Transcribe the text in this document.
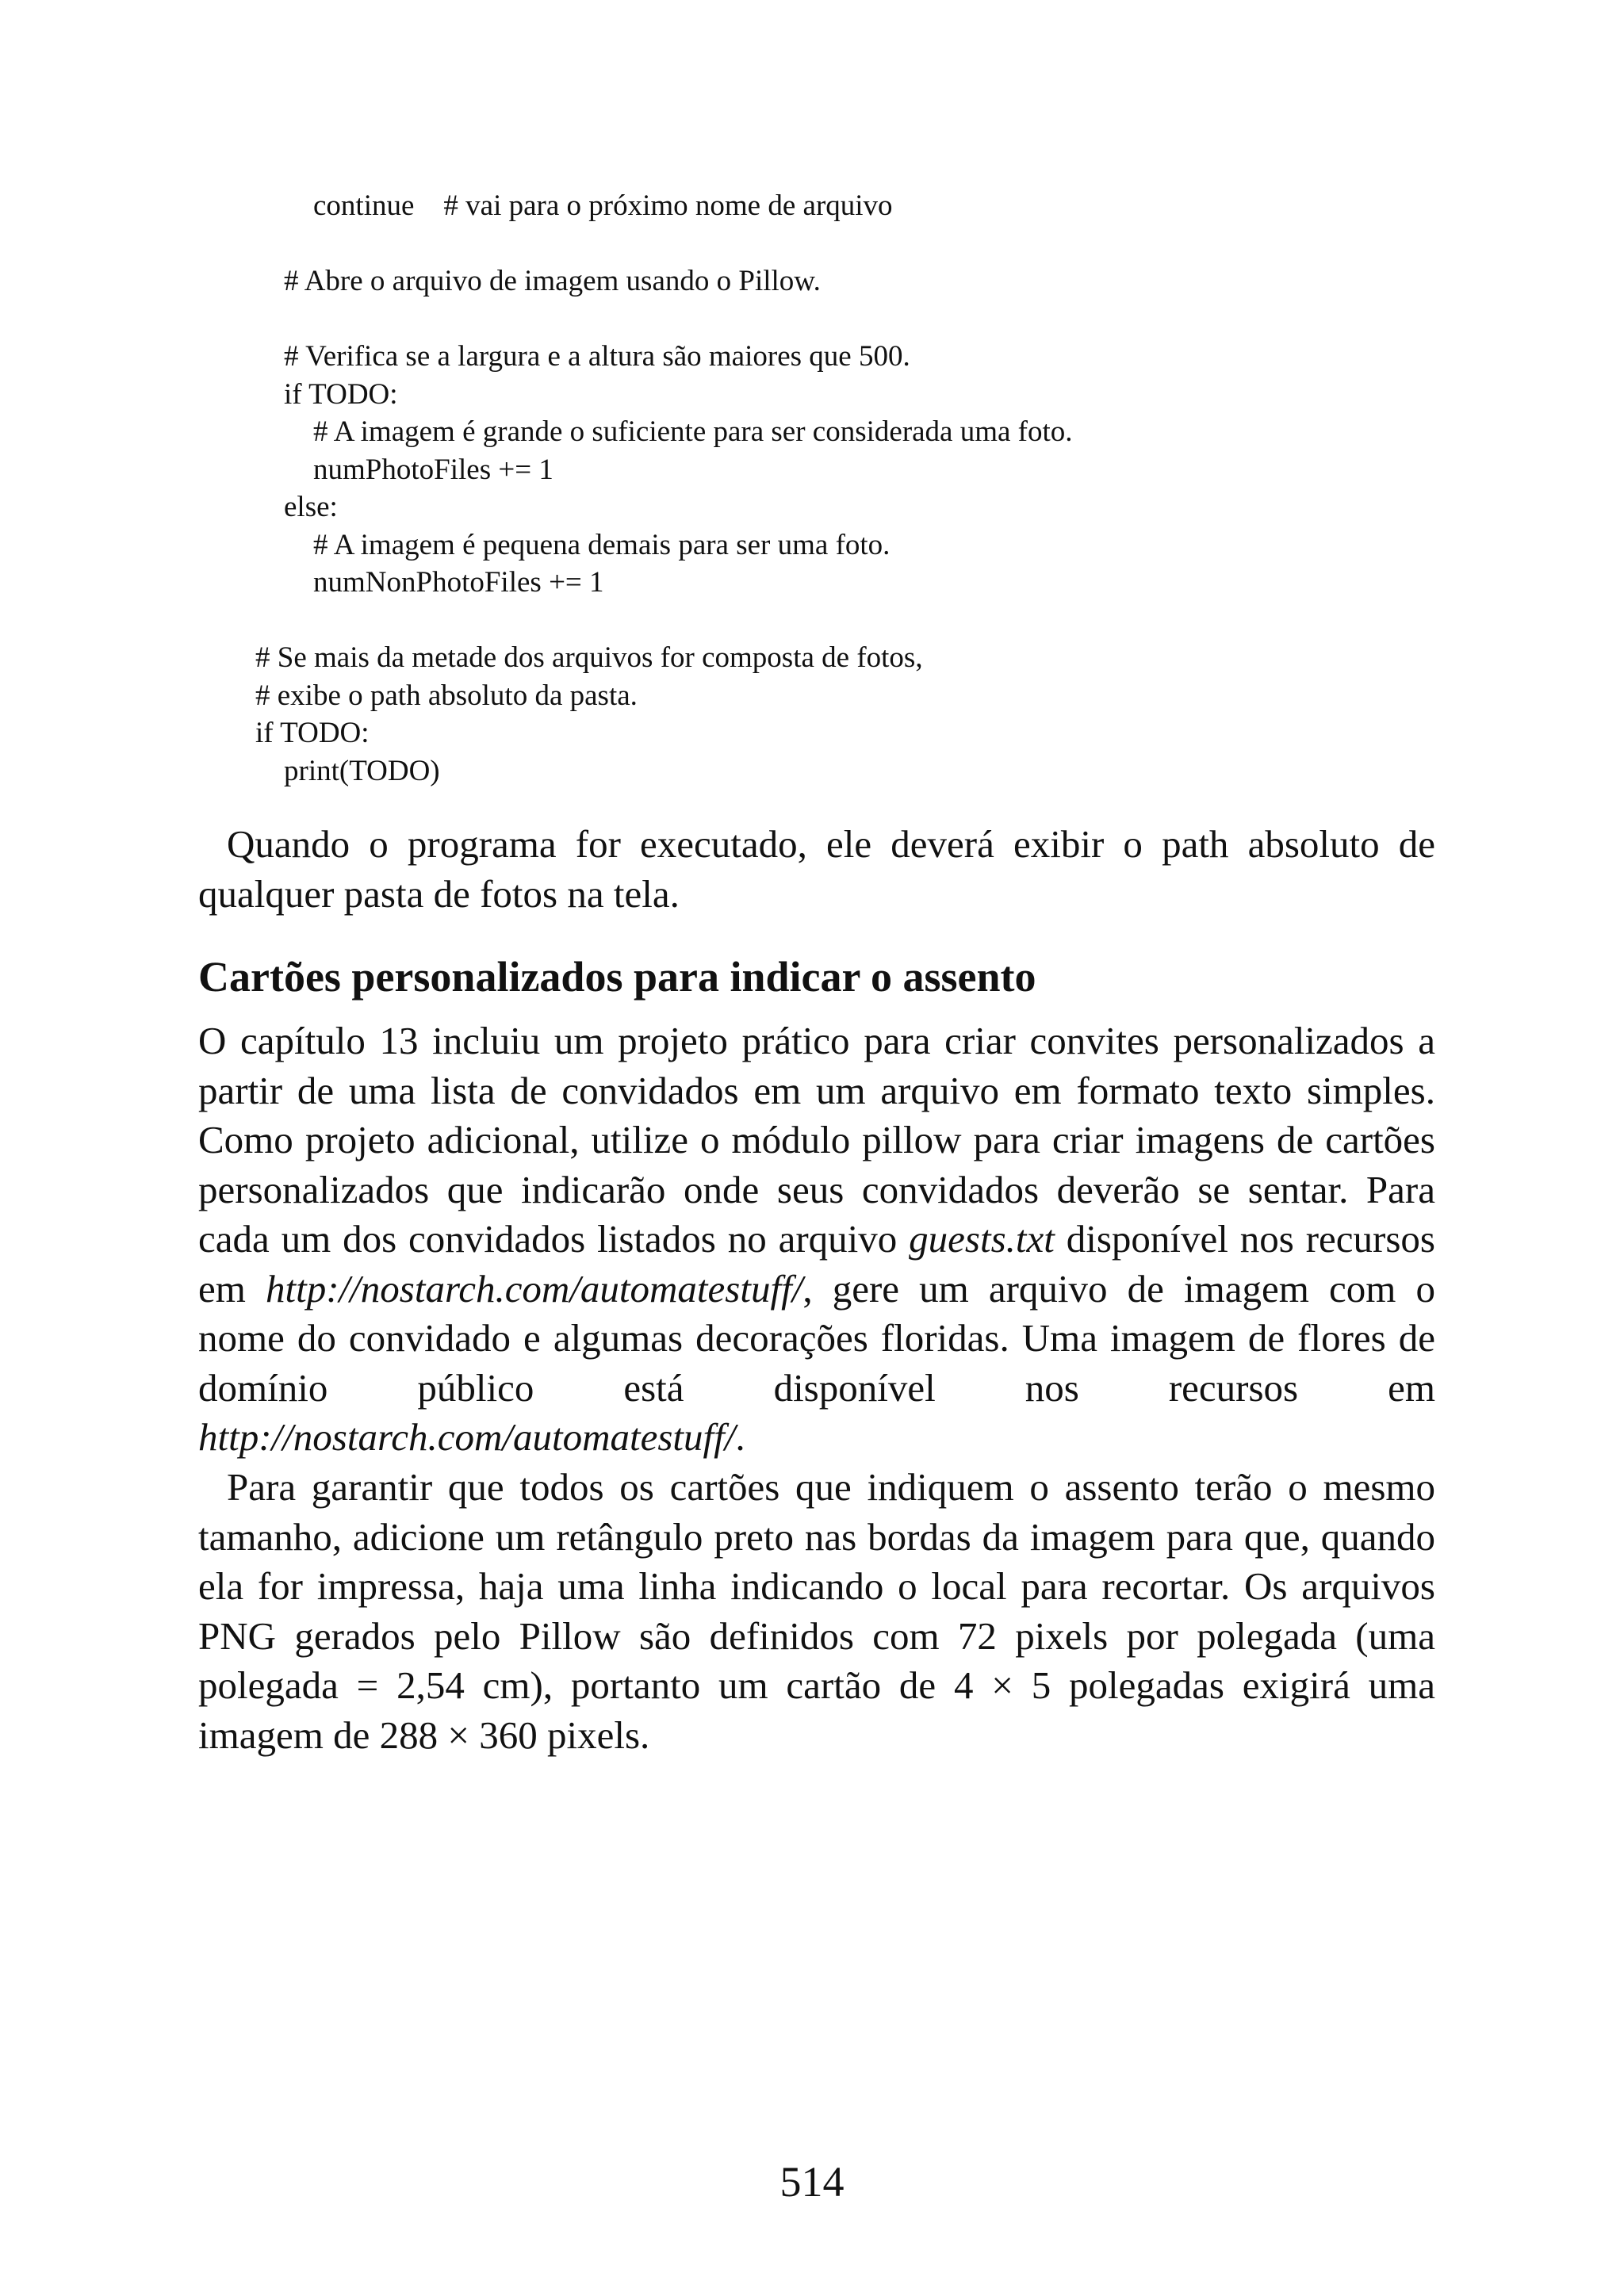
continue    # vai para o próximo nome de arquivo
# Abre o arquivo de imagem usando o Pillow.
# Verifica se a largura e a altura são maiores que 500.
if TODO:
# A imagem é grande o suficiente para ser considerada uma foto.
numPhotoFiles += 1
else:
# A imagem é pequena demais para ser uma foto.
numNonPhotoFiles += 1
# Se mais da metade dos arquivos for composta de fotos,
# exibe o path absoluto da pasta.
if TODO:
print(TODO)
Quando o programa for executado, ele deverá exibir o path absoluto de qualquer pasta de fotos na tela.
Cartões personalizados para indicar o assento
O capítulo 13 incluiu um projeto prático para criar convites personalizados a partir de uma lista de convidados em um arquivo em formato texto simples. Como projeto adicional, utilize o módulo pillow para criar imagens de cartões personalizados que indicarão onde seus convidados deverão se sentar. Para cada um dos convidados listados no arquivo guests.txt disponível nos recursos em http://nostarch.com/automatestuff/, gere um arquivo de imagem com o nome do convidado e algumas decorações floridas. Uma imagem de flores de domínio público está disponível nos recursos em http://nostarch.com/automatestuff/.
Para garantir que todos os cartões que indiquem o assento terão o mesmo tamanho, adicione um retângulo preto nas bordas da imagem para que, quando ela for impressa, haja uma linha indicando o local para recortar. Os arquivos PNG gerados pelo Pillow são definidos com 72 pixels por polegada (uma polegada = 2,54 cm), portanto um cartão de 4 × 5 polegadas exigirá uma imagem de 288 × 360 pixels.
514
